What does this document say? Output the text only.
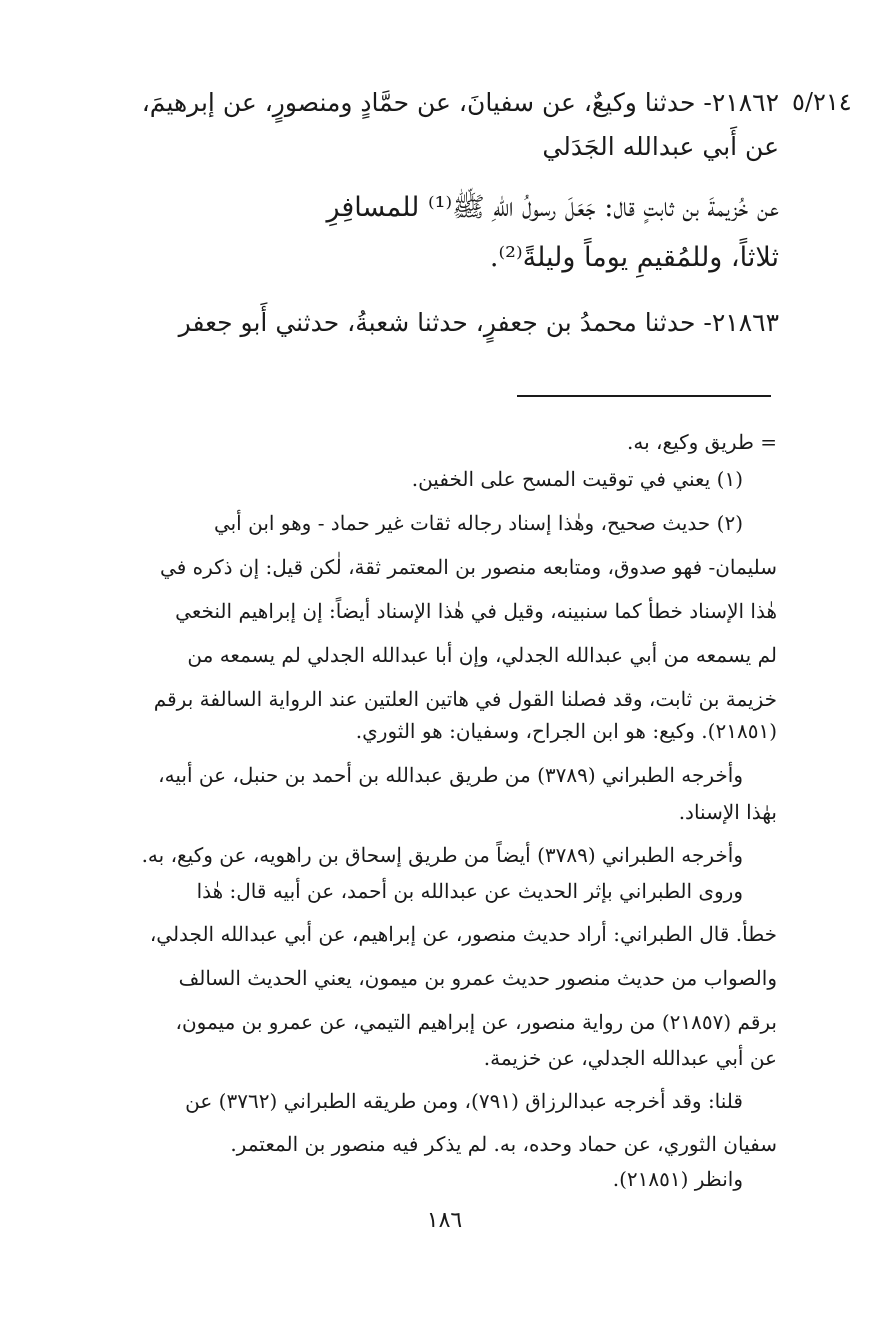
٥/٢١٤
٢١٨٦٢- حدثنا وكيعٌ، عن سفيانَ، عن حمَّادٍ ومنصورٍ، عن إبرهيمَ،
عن أَبي عبدالله الجَدَلي
عن خُزيمةَ بن ثابتٍ قال: جَعَلَ رسولُ اللهِ ﷺ⁽¹⁾ للمسافِرِ
ثلاثاً، وللمُقيمِ يوماً وليلةً⁽²⁾.
٢١٨٦٣- حدثنا محمدُ بن جعفرٍ، حدثنا شعبةُ، حدثني أَبو جعفر
= طريق وكيع، به.
(١) يعني في توقيت المسح على الخفين.
(٢) حديث صحيح، وهٰذا إسناد رجاله ثقات غير حماد - وهو ابن أبي
سليمان- فهو صدوق، ومتابعه منصور بن المعتمر ثقة، لٰكن قيل: إن ذكره في
هٰذا الإسناد خطأ كما سنبينه، وقيل في هٰذا الإسناد أيضاً: إن إبراهيم النخعي
لم يسمعه من أبي عبدالله الجدلي، وإن أبا عبدالله الجدلي لم يسمعه من
خزيمة بن ثابت، وقد فصلنا القول في هاتين العلتين عند الرواية السالفة برقم
(٢١٨٥١). وكيع: هو ابن الجراح، وسفيان: هو الثوري.
وأخرجه الطبراني (٣٧٨٩) من طريق عبدالله بن أحمد بن حنبل، عن أبيه،
بهٰذا الإسناد.
وأخرجه الطبراني (٣٧٨٩) أيضاً من طريق إسحاق بن راهويه، عن وكيع، به.
وروى الطبراني بإثر الحديث عن عبدالله بن أحمد، عن أبيه قال: هٰذا
خطأ. قال الطبراني: أراد حديث منصور، عن إبراهيم، عن أبي عبدالله الجدلي،
والصواب من حديث منصور حديث عمرو بن ميمون، يعني الحديث السالف
برقم (٢١٨٥٧) من رواية منصور، عن إبراهيم التيمي، عن عمرو بن ميمون،
عن أبي عبدالله الجدلي، عن خزيمة.
قلنا: وقد أخرجه عبدالرزاق (٧٩١)، ومن طريقه الطبراني (٣٧٦٢) عن
سفيان الثوري، عن حماد وحده، به. لم يذكر فيه منصور بن المعتمر.
وانظر (٢١٨٥١).
١٨٦
